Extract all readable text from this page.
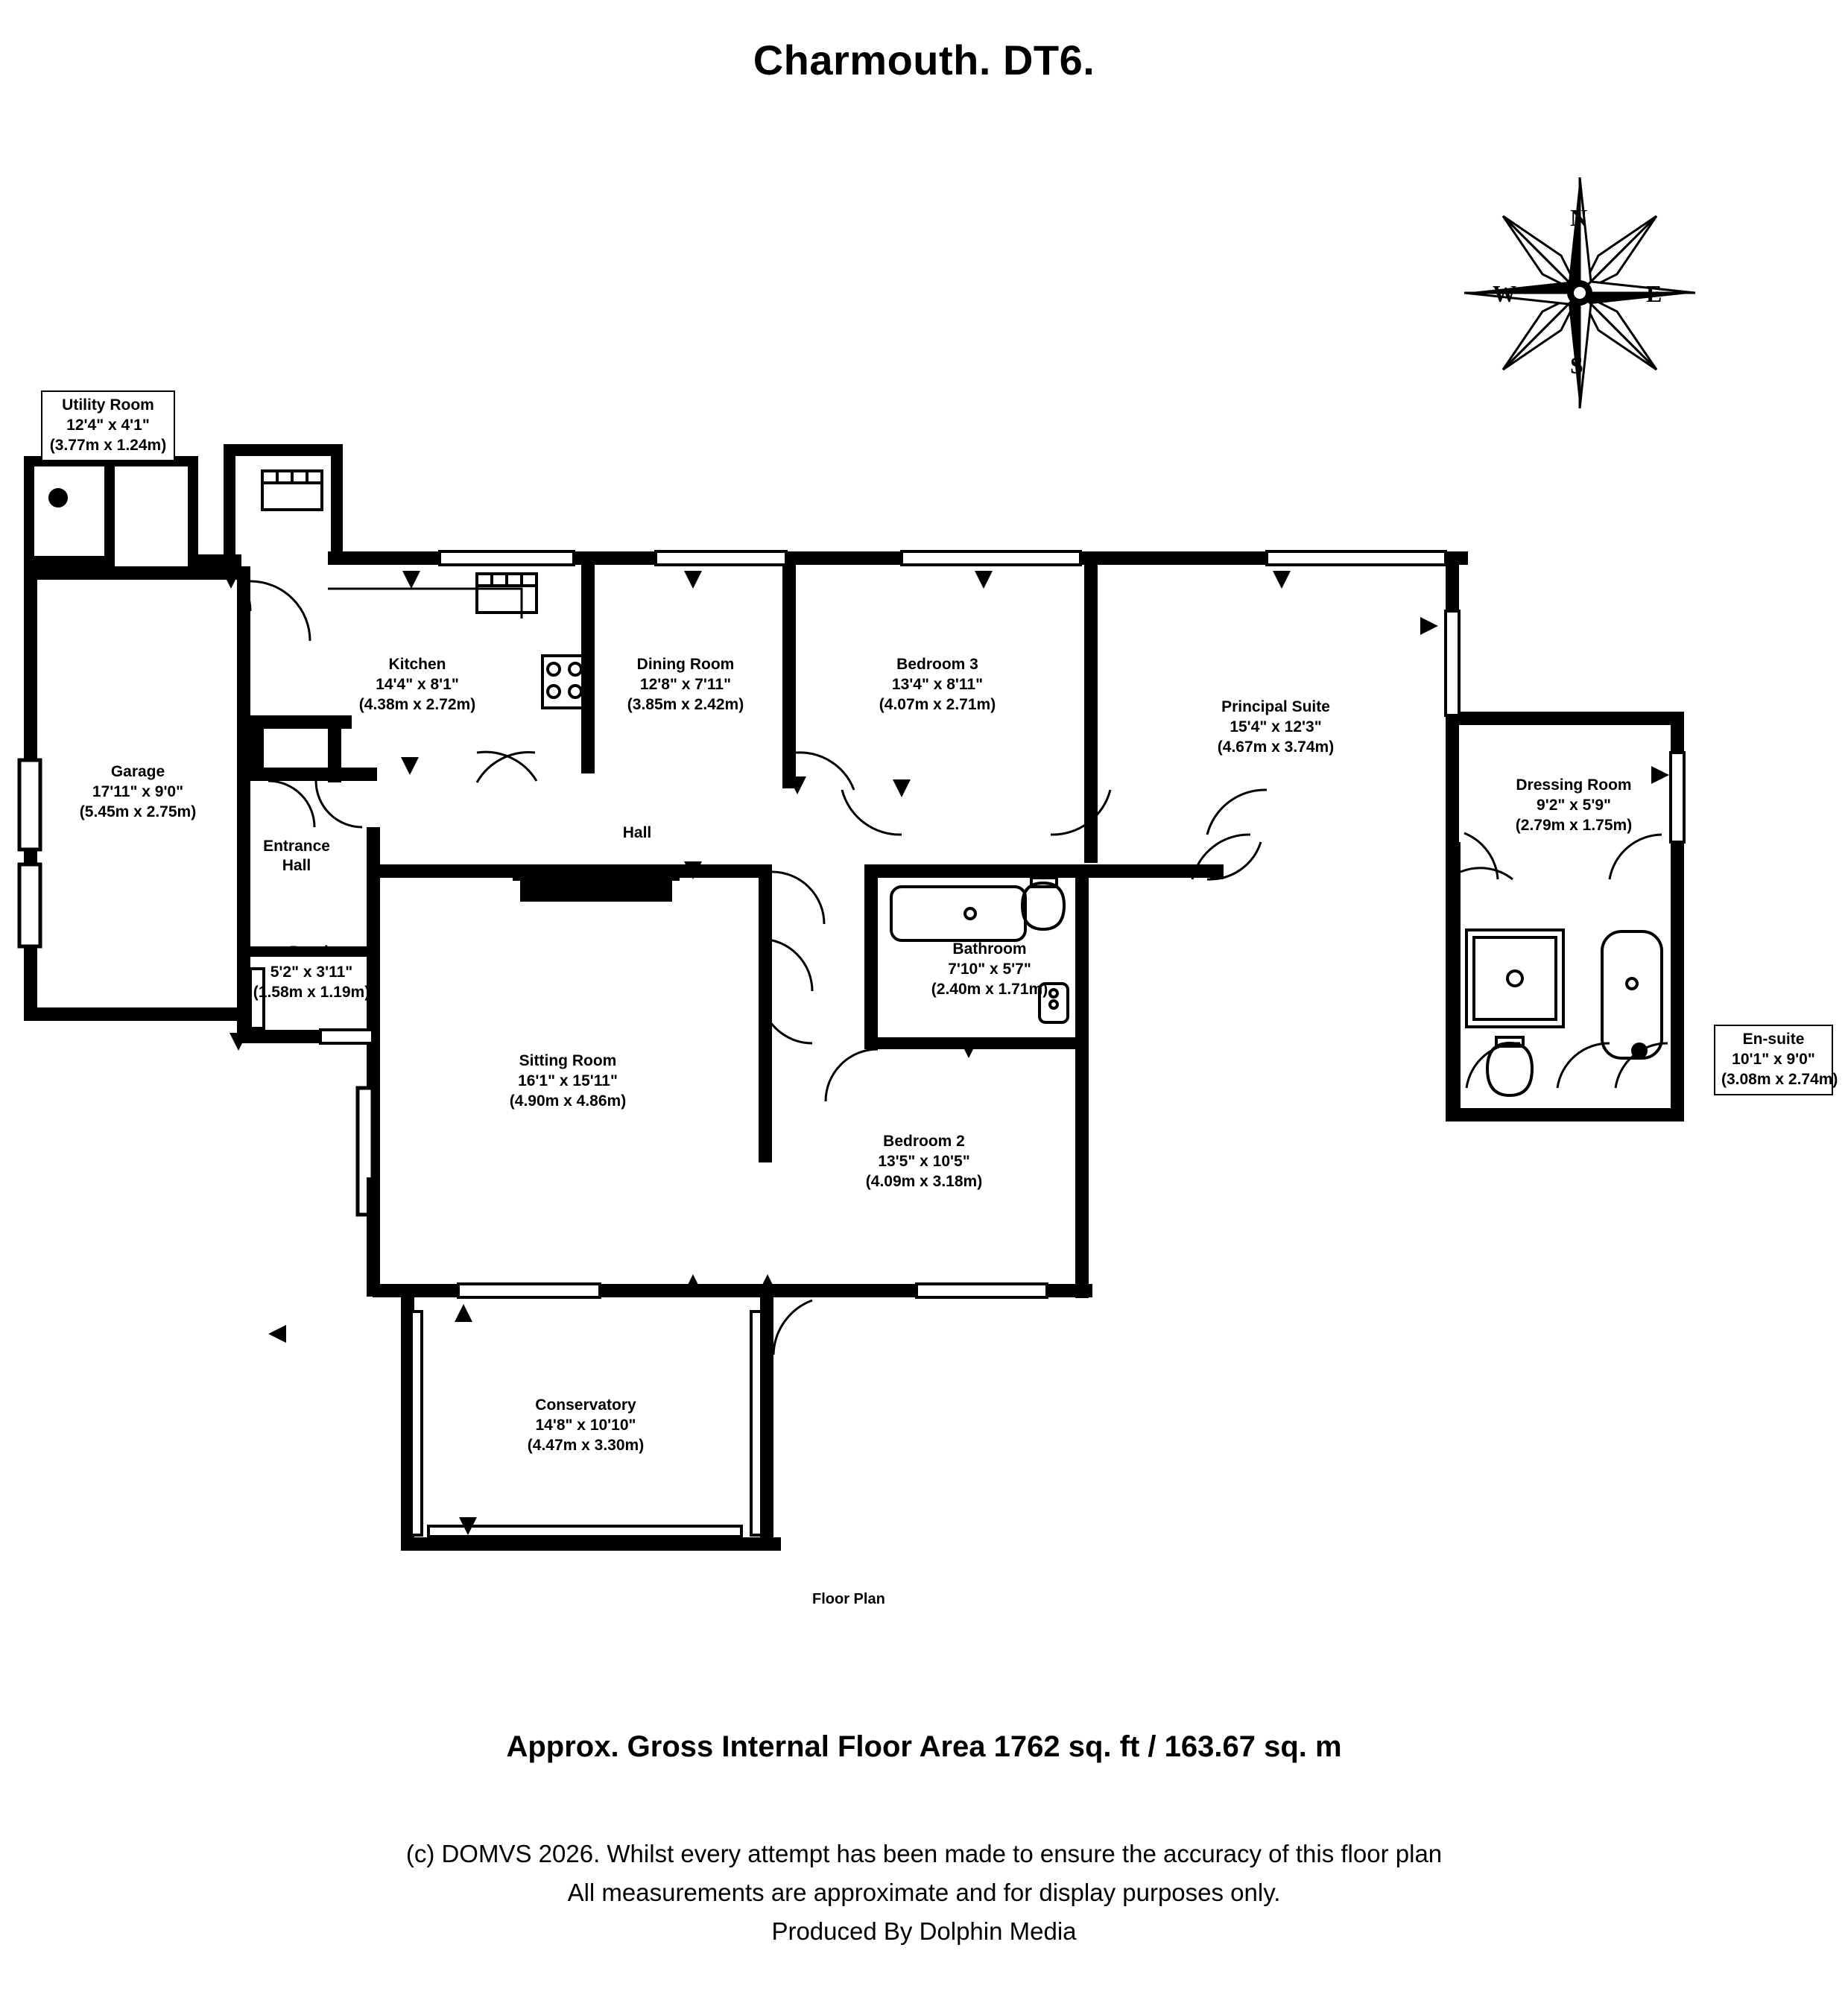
Charmouth. DT6.
Utility Room
12'4" x 4'1"
(3.77m x 1.24m)
Garage
17'11" x 9'0"
(5.45m x 2.75m)
Kitchen
14'4" x 8'1"
(4.38m x 2.72m)
Dining Room
12'8" x 7'11"
(3.85m x 2.42m)
Bedroom 3
13'4" x 8'11"
(4.07m x 2.71m)	Principal Suite
15'4" x 12'3"
(4.67m x 3.74m)
Dressing Room
9'2" x 5'9"
(2.79m x 1.75m)
En-suite
10'1" x 9'0"
(3.08m x 2.74m)
Entrance
Hall
Hall
Porch
5'2" x 3'11"
(1.58m x 1.19m)
Sitting Room
16'1" x 15'11"
(4.90m x 4.86m)
Bathroom
7'10" x 5'7"
(2.40m x 1.71m)
Bedroom 2
13'5" x 10'5"
(4.09m x 3.18m)
Conservatory
14'8" x 10'10"
(4.47m x 3.30m)
N
E
S
W
Floor Plan
Approx. Gross Internal Floor Area 1762 sq. ft / 163.67 sq. m
(c) DOMVS 2026. Whilst every attempt has been made to ensure the accuracy of this floor plan
All measurements are approximate and for display purposes only.
Produced By Dolphin Media
